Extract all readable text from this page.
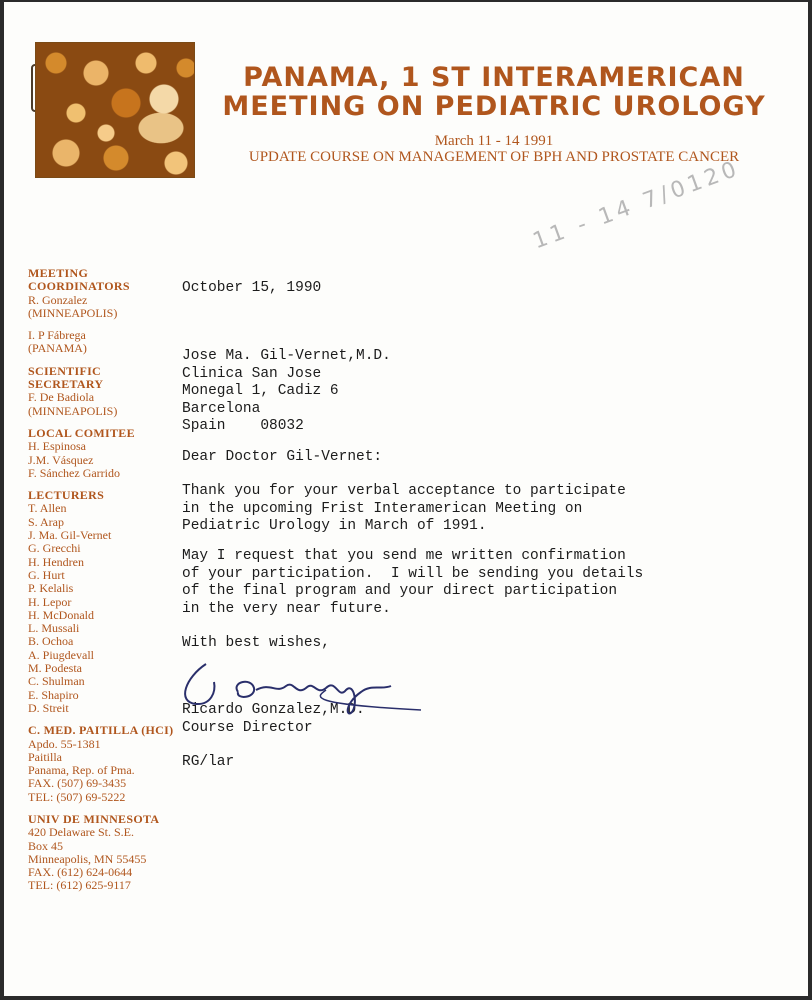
PANAMA, 1 ST INTERAMERICAN
MEETING ON PEDIATRIC UROLOGY
March 11 - 14 1991
UPDATE COURSE ON MANAGEMENT OF BPH AND PROSTATE CANCER
11 - 14 7/0120
MEETING
COORDINATORS
R. Gonzalez
(MINNEAPOLIS)
I. P Fábrega
(PANAMA)
SCIENTIFIC
SECRETARY
F. De Badiola
(MINNEAPOLIS)
LOCAL COMITEE
H. Espinosa
J.M. Vásquez
F. Sánchez Garrido
LECTURERS
T. Allen
S. Arap
J. Ma. Gil-Vernet
G. Grecchi
H. Hendren
G. Hurt
P. Kelalis
H. Lepor
H. McDonald
L. Mussali
B. Ochoa
A. Piugdevall
M. Podesta
C. Shulman
E. Shapiro
D. Streit
C. MED. PAITILLA (HCI)
Apdo. 55-1381
Paitilla
Panama, Rep. of Pma.
FAX. (507) 69-3435
TEL: (507) 69-5222
UNIV DE MINNESOTA
420 Delaware St. S.E.
Box 45
Minneapolis, MN 55455
FAX. (612) 624-0644
TEL: (612) 625-9117
October 15, 1990
Jose Ma. Gil-Vernet,M.D.
Clinica San Jose
Monegal 1, Cadiz 6
Barcelona
Spain    08032
Dear Doctor Gil-Vernet:
Thank you for your verbal acceptance to participate
in the upcoming Frist Interamerican Meeting on
Pediatric Urology in March of 1991.
May I request that you send me written confirmation
of your participation.  I will be sending you details
of the final program and your direct participation
in the very near future.
With best wishes,
Ricardo Gonzalez,M.D.
Course Director
RG/lar
